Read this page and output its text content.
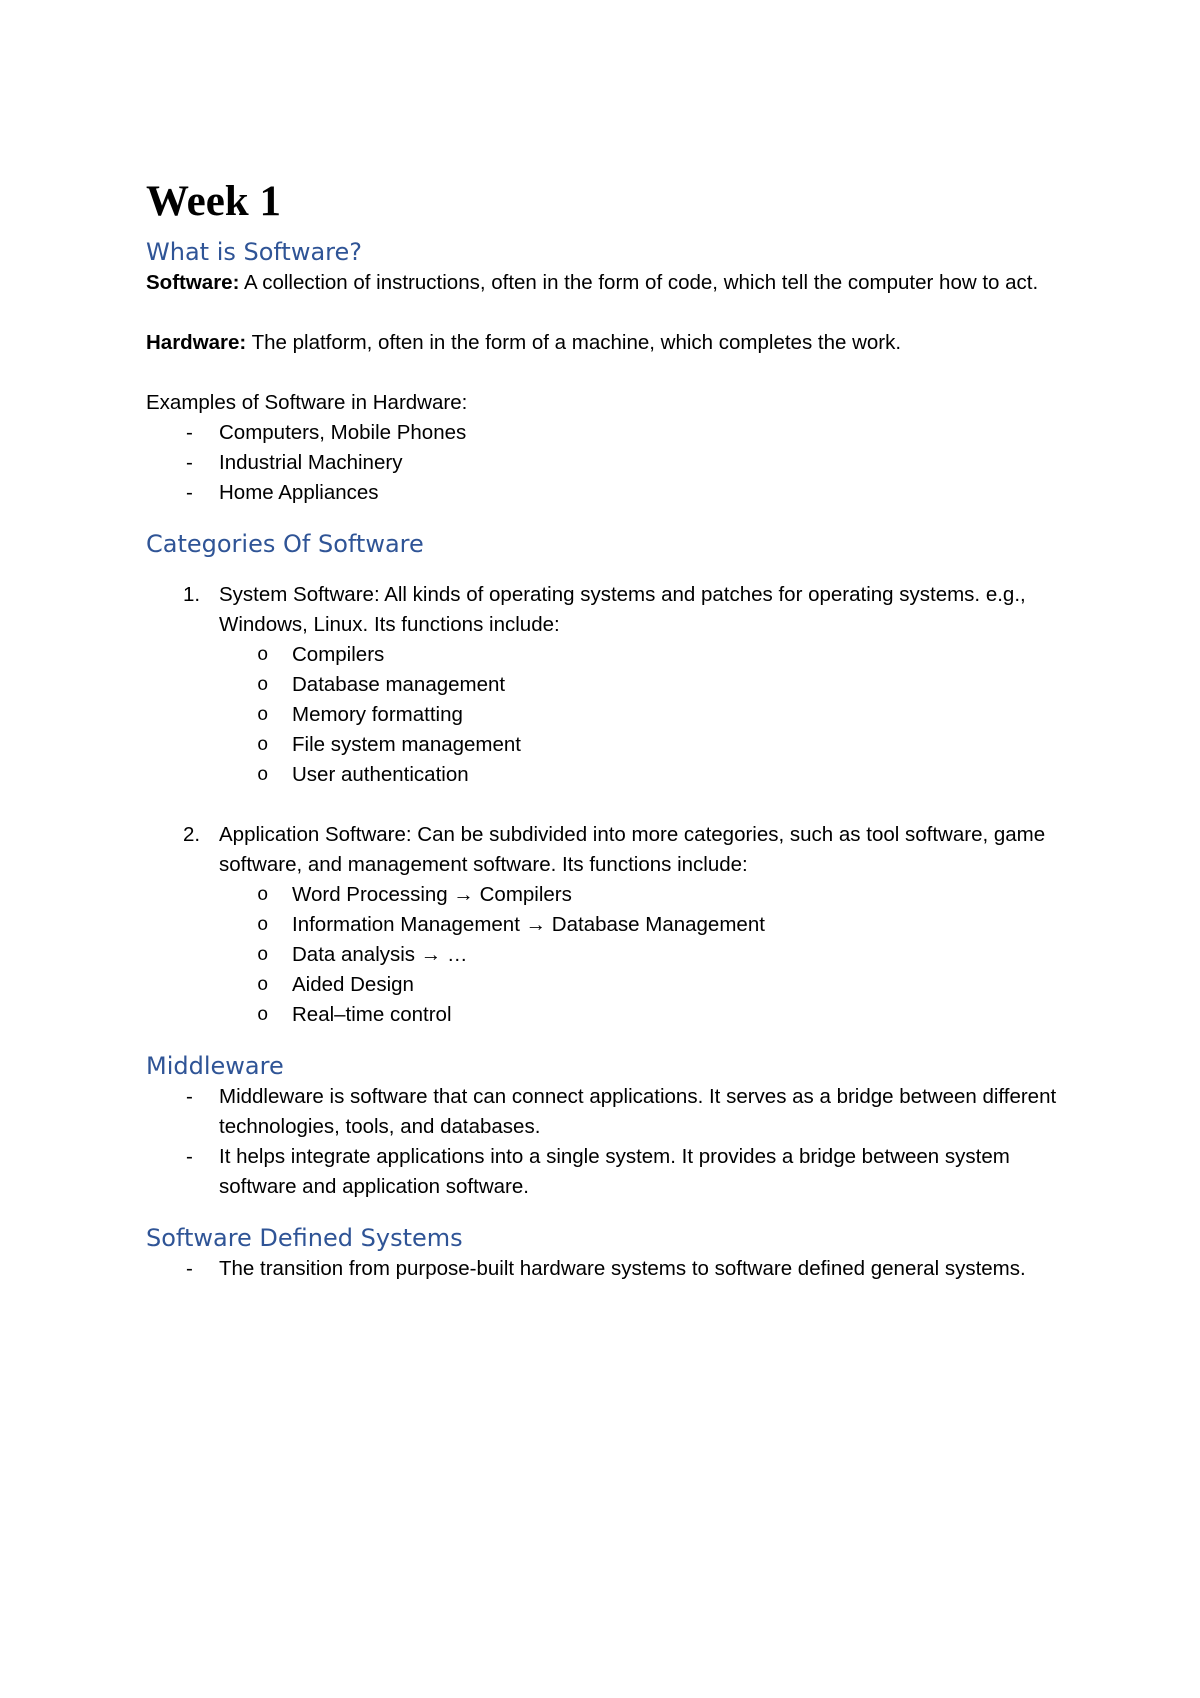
Week 1
What is Software?

Software: A collection of instructions, often in the form of code, which tell the computer how to act.

Hardware: The platform, often in the form of a machine, which completes the work.

Examples of Software in Hardware:

- Computers, Mobile Phones
- Industrial Machinery
- Home Appliances
Categories Of Software
1. System Software: All kinds of operating systems and patches for operating systems. e.g., Windows, Linux. Its functions include:
o	Compilers
o	Database management
o	Memory formatting
o	File system management
o	User authentication
2. Application Software: Can be subdivided into more categories, such as tool software, game software, and management software. Its functions include:
o	Word Processing → Compilers
o	Information Management → Database Management
o	Data analysis → …
o	Aided Design
o	Real–time control
Middleware
- Middleware is software that can connect applications. It serves as a bridge between different technologies, tools, and databases.
- It helps integrate applications into a single system. It provides a bridge between system software and application software.
Software Defined Systems
- The transition from purpose-built hardware systems to software defined general systems.
